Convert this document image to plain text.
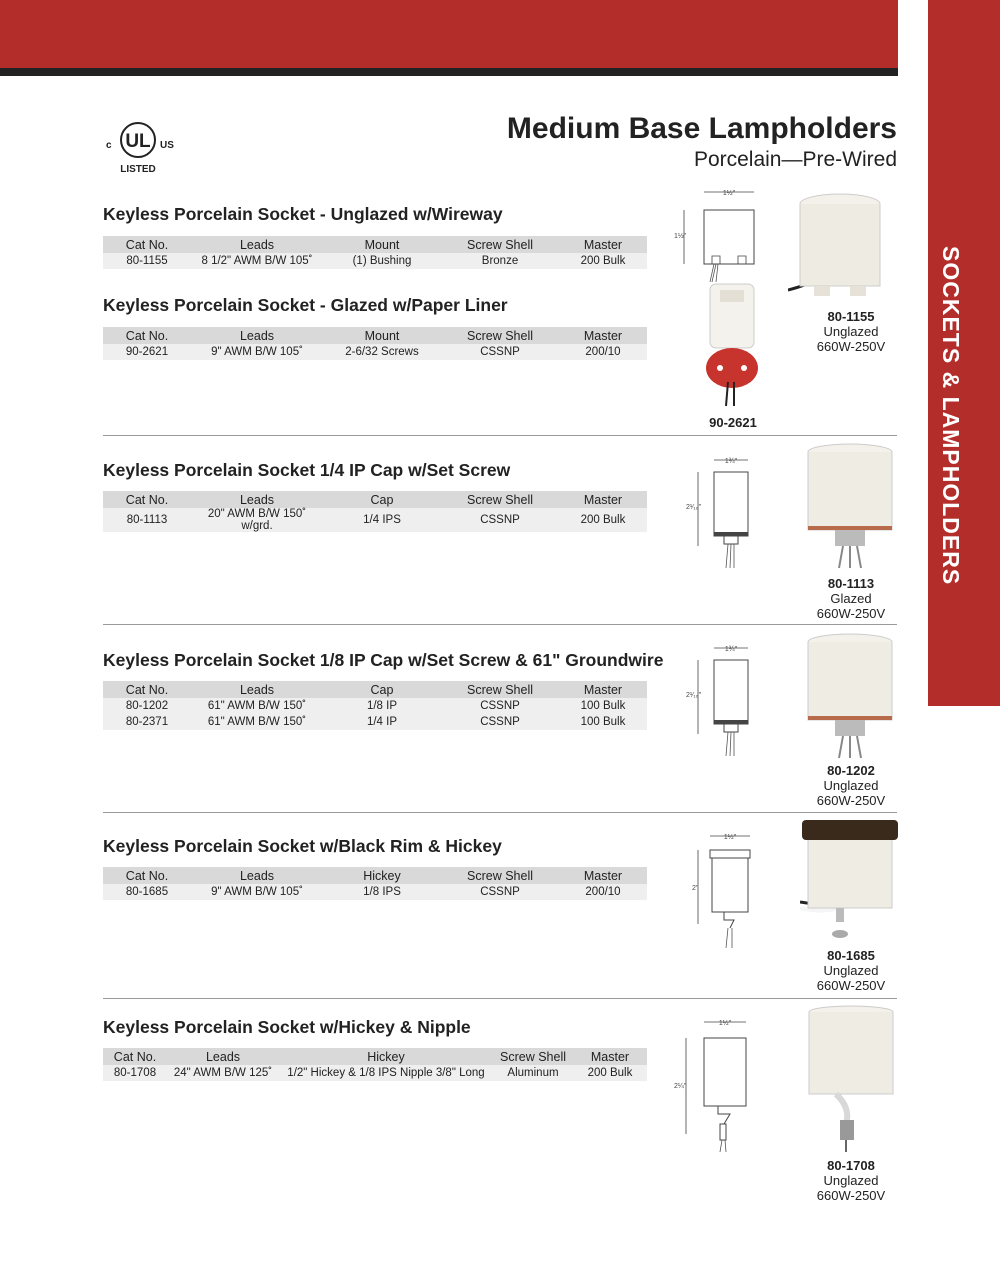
SOCKETS & LAMPHOLDERS
UL
c	US
LISTED
Medium Base Lampholders
Porcelain—Pre-Wired
Keyless Porcelain Socket - Unglazed w/Wireway
Cat No.	Leads	Mount	Screw Shell	Master
80-1155	8 1/2" AWM B/W 105˚	(1) Bushing	Bronze	200 Bulk
Keyless Porcelain Socket - Glazed w/Paper Liner
Cat No.	Leads	Mount	Screw Shell	Master
90-2621	9" AWM B/W 105˚	2-6/32 Screws	CSSNP	200/10
Keyless Porcelain Socket 1/4 IP Cap w/Set Screw
Cat No.	Leads	Cap	Screw Shell	Master
80-1113	20" AWM B/W 150˚ w/grd.	1/4 IPS	CSSNP	200 Bulk
Keyless Porcelain Socket 1/8 IP Cap w/Set Screw & 61" Groundwire
Cat No.	Leads	Cap	Screw Shell	Master
80-1202	61" AWM B/W 150˚	1/8 IP	CSSNP	100 Bulk
80-2371	61" AWM B/W 150˚	1/4 IP	CSSNP	100 Bulk
Keyless Porcelain Socket w/Black Rim & Hickey
Cat No.	Leads	Hickey	Screw Shell	Master
80-1685	9" AWM B/W 105˚	1/8 IPS	CSSNP	200/10
Keyless Porcelain Socket w/Hickey & Nipple
Cat No.	Leads	Hickey	Screw Shell	Master
80-1708	24" AWM B/W 125˚	1/2" Hickey & 1/8 IPS Nipple 3/8" Long	Aluminum	200 Bulk
1½"
1½"
80-1155
Unglazed
660W-250V
90-2621
1¾"
2¹⁄₁₆"
80-1113
Glazed
660W-250V
1¾"
2¹⁄₁₆"
80-1202
Unglazed
660W-250V
1½"
2"
80-1685
Unglazed
660W-250V
1½"
2¼"
80-1708
Unglazed
660W-250V
